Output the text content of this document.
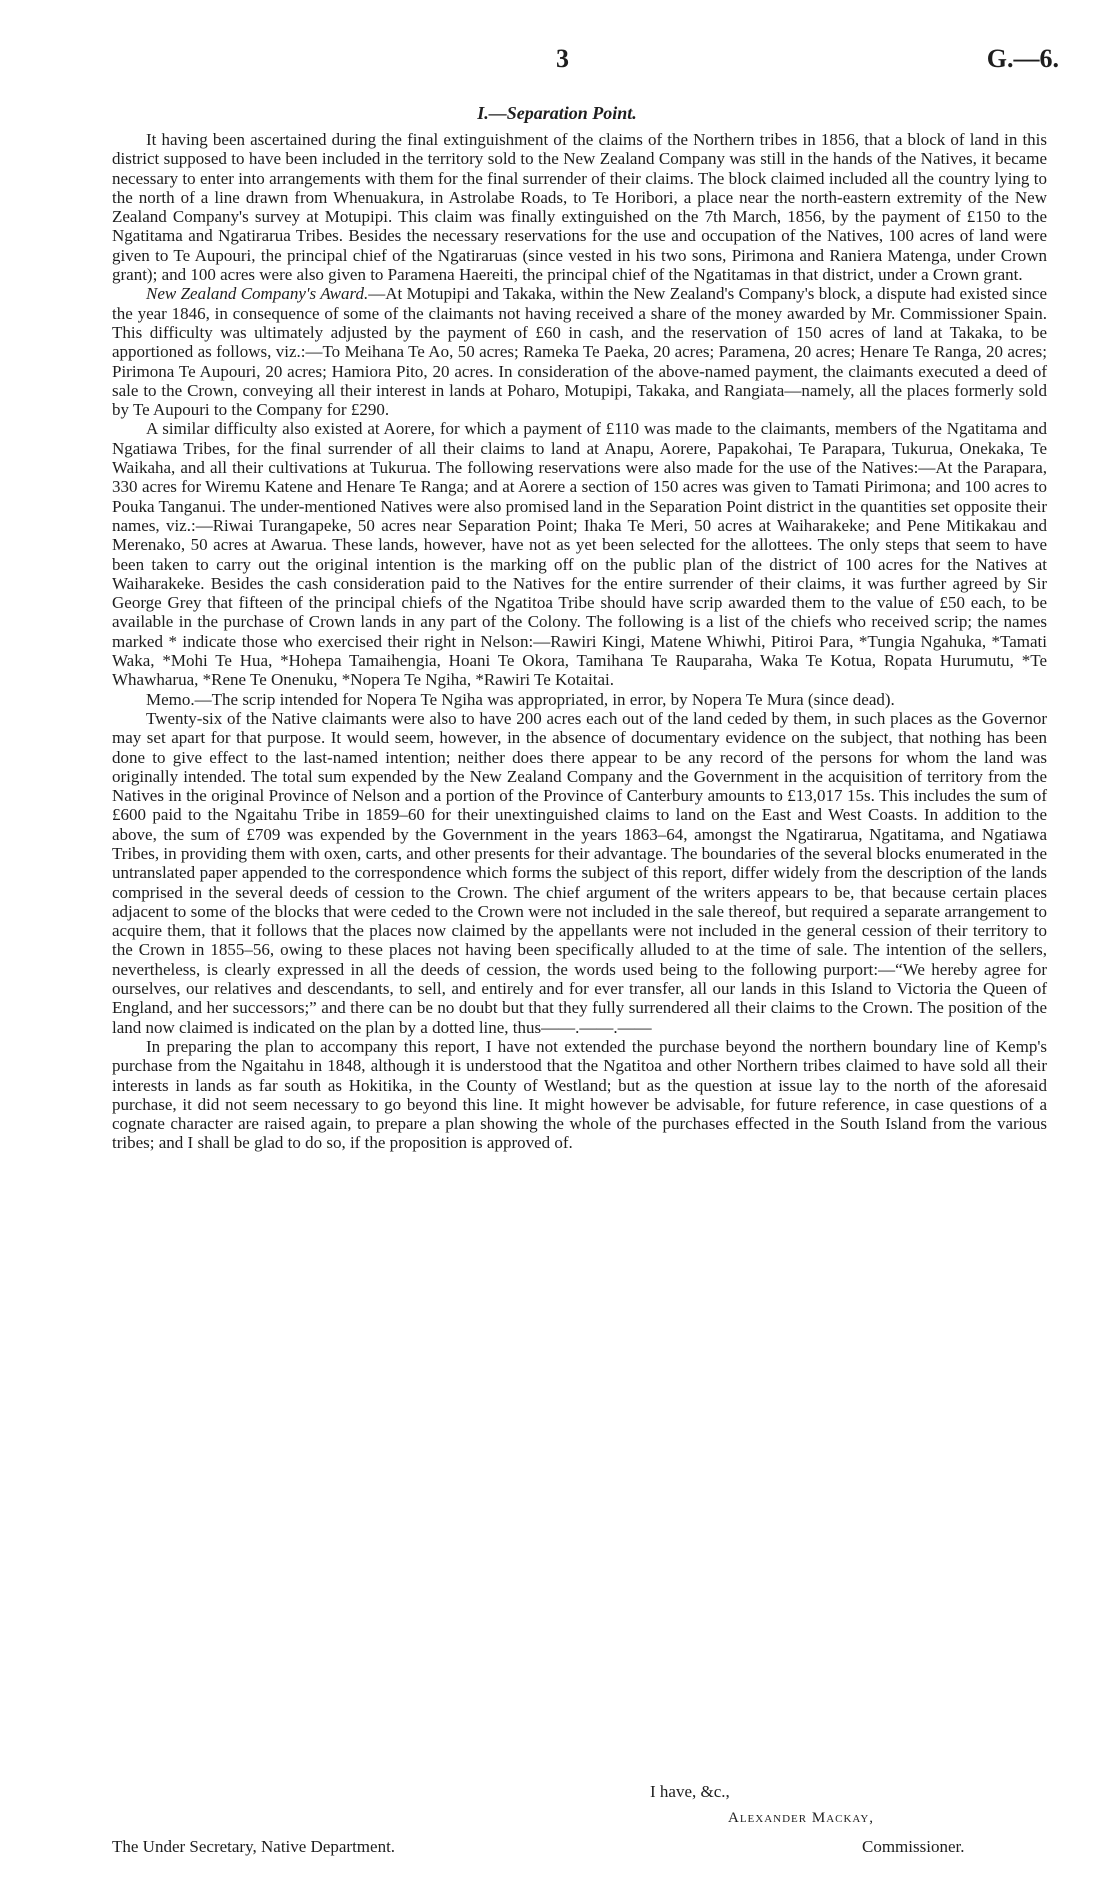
3	G.—6.
I.—Separation Point.

It having been ascertained during the final extinguishment of the claims of the Northern tribes in 1856, that a block of land in this district supposed to have been included in the territory sold to the New Zealand Company was still in the hands of the Natives, it became necessary to enter into arrangements with them for the final surrender of their claims. The block claimed included all the country lying to the north of a line drawn from Whenuakura, in Astrolabe Roads, to Te Horibori, a place near the north-eastern extremity of the New Zealand Company's survey at Motupipi. This claim was finally extinguished on the 7th March, 1856, by the payment of £150 to the Ngatitama and Ngatirarua Tribes. Besides the necessary reservations for the use and occupation of the Natives, 100 acres of land were given to Te Aupouri, the principal chief of the Ngatiraruas (since vested in his two sons, Pirimona and Raniera Matenga, under Crown grant); and 100 acres were also given to Paramena Haereiti, the principal chief of the Ngatitamas in that district, under a Crown grant.

New Zealand Company's Award.—At Motupipi and Takaka, within the New Zealand's Company's block, a dispute had existed since the year 1846, in consequence of some of the claimants not having received a share of the money awarded by Mr. Commissioner Spain. This difficulty was ultimately adjusted by the payment of £60 in cash, and the reservation of 150 acres of land at Takaka, to be apportioned as follows, viz.:—To Meihana Te Ao, 50 acres; Rameka Te Paeka, 20 acres; Paramena, 20 acres; Henare Te Ranga, 20 acres; Pirimona Te Aupouri, 20 acres; Hamiora Pito, 20 acres. In consideration of the above-named payment, the claimants executed a deed of sale to the Crown, conveying all their interest in lands at Poharo, Motupipi, Takaka, and Rangiata—namely, all the places formerly sold by Te Aupouri to the Company for £290.

A similar difficulty also existed at Aorere, for which a payment of £110 was made to the claimants, members of the Ngatitama and Ngatiawa Tribes, for the final surrender of all their claims to land at Anapu, Aorere, Papakohai, Te Parapara, Tukurua, Onekaka, Te Waikaha, and all their cultivations at Tukurua. The following reservations were also made for the use of the Natives:—At the Parapara, 330 acres for Wiremu Katene and Henare Te Ranga; and at Aorere a section of 150 acres was given to Tamati Pirimona; and 100 acres to Pouka Tanganui. The under-mentioned Natives were also promised land in the Separation Point district in the quantities set opposite their names, viz.:—Riwai Turangapeke, 50 acres near Separation Point; Ihaka Te Meri, 50 acres at Waiharakeke; and Pene Mitikakau and Merenako, 50 acres at Awarua. These lands, however, have not as yet been selected for the allottees. The only steps that seem to have been taken to carry out the original intention is the marking off on the public plan of the district of 100 acres for the Natives at Waiharakeke. Besides the cash consideration paid to the Natives for the entire surrender of their claims, it was further agreed by Sir George Grey that fifteen of the principal chiefs of the Ngatitoa Tribe should have scrip awarded them to the value of £50 each, to be available in the purchase of Crown lands in any part of the Colony. The following is a list of the chiefs who received scrip; the names marked * indicate those who exercised their right in Nelson:—Rawiri Kingi, Matene Whiwhi, Pitiroi Para, *Tungia Ngahuka, *Tamati Waka, *Mohi Te Hua, *Hohepa Tamaihengia, Hoani Te Okora, Tamihana Te Rauparaha, Waka Te Kotua, Ropata Hurumutu, *Te Whawharua, *Rene Te Onenuku, *Nopera Te Ngiha, *Rawiri Te Kotaitai.

Memo.—The scrip intended for Nopera Te Ngiha was appropriated, in error, by Nopera Te Mura (since dead).

Twenty-six of the Native claimants were also to have 200 acres each out of the land ceded by them, in such places as the Governor may set apart for that purpose. It would seem, however, in the absence of documentary evidence on the subject, that nothing has been done to give effect to the last-named intention; neither does there appear to be any record of the persons for whom the land was originally intended. The total sum expended by the New Zealand Company and the Government in the acquisition of territory from the Natives in the original Province of Nelson and a portion of the Province of Canterbury amounts to £13,017 15s. This includes the sum of £600 paid to the Ngaitahu Tribe in 1859–60 for their unextinguished claims to land on the East and West Coasts. In addition to the above, the sum of £709 was expended by the Government in the years 1863–64, amongst the Ngatirarua, Ngatitama, and Ngatiawa Tribes, in providing them with oxen, carts, and other presents for their advantage. The boundaries of the several blocks enumerated in the untranslated paper appended to the correspondence which forms the subject of this report, differ widely from the description of the lands comprised in the several deeds of cession to the Crown. The chief argument of the writers appears to be, that because certain places adjacent to some of the blocks that were ceded to the Crown were not included in the sale thereof, but required a separate arrangement to acquire them, that it follows that the places now claimed by the appellants were not included in the general cession of their territory to the Crown in 1855–56, owing to these places not having been specifically alluded to at the time of sale. The intention of the sellers, nevertheless, is clearly expressed in all the deeds of cession, the words used being to the following purport:—“We hereby agree for ourselves, our relatives and descendants, to sell, and entirely and for ever transfer, all our lands in this Island to Victoria the Queen of England, and her successors;” and there can be no doubt but that they fully surrendered all their claims to the Crown. The position of the land now claimed is indicated on the plan by a dotted line, thus——.——.——

In preparing the plan to accompany this report, I have not extended the purchase beyond the northern boundary line of Kemp's purchase from the Ngaitahu in 1848, although it is understood that the Ngatitoa and other Northern tribes claimed to have sold all their interests in lands as far south as Hokitika, in the County of Westland; but as the question at issue lay to the north of the aforesaid purchase, it did not seem necessary to go beyond this line. It might however be advisable, for future reference, in case questions of a cognate character are raised again, to prepare a plan showing the whole of the purchases effected in the South Island from the various tribes; and I shall be glad to do so, if the proposition is approved of.

I have, &c.,

Alexander Mackay,

The Under Secretary, Native Department.	Commissioner.
